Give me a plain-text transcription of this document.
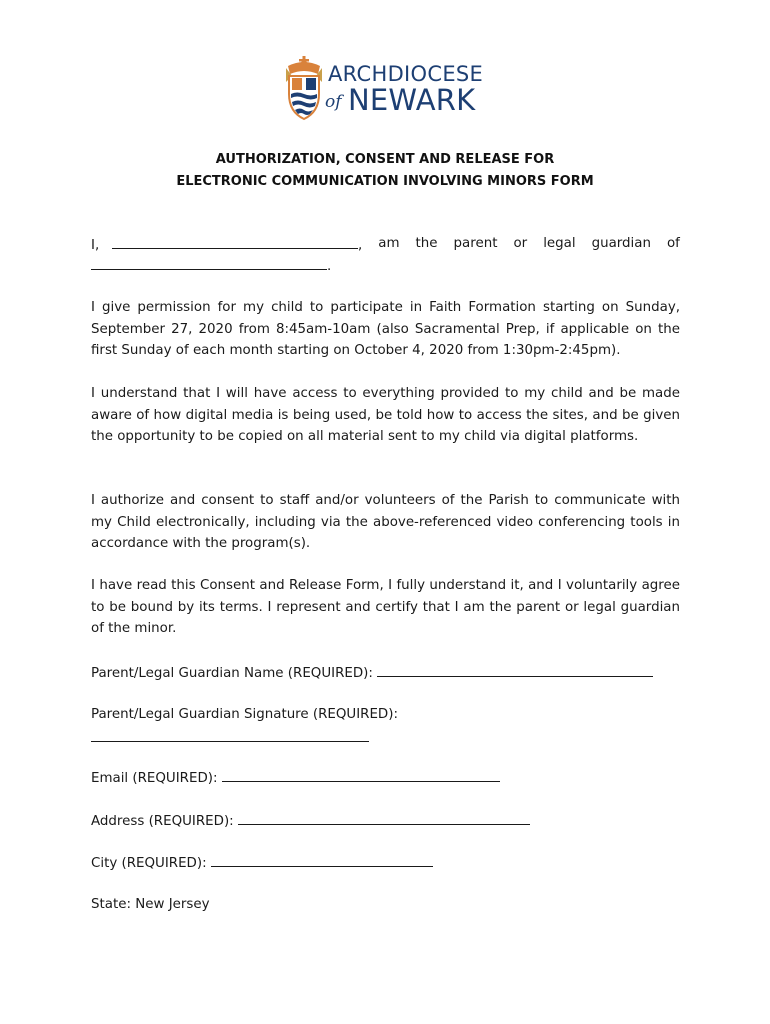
ARCHDIOCESE
of NEWARK
AUTHORIZATION, CONSENT AND RELEASE FOR
ELECTRONIC COMMUNICATION INVOLVING MINORS FORM
I,	, am the parent or legal guardian of
.

I give permission for my child to participate in Faith Formation starting on Sunday, September 27, 2020 from 8:45am-10am (also Sacramental Prep, if applicable on the first Sunday of each month starting on October 4, 2020 from 1:30pm-2:45pm).

I understand that I will have access to everything provided to my child and be made aware of how digital media is being used, be told how to access the sites, and be given the opportunity to be copied on all material sent to my child via digital platforms.

I authorize and consent to staff and/or volunteers of the Parish to communicate with my Child electronically, including via the above-referenced video conferencing tools in accordance with the program(s).

I have read this Consent and Release Form, I fully understand it, and I voluntarily agree to be bound by its terms. I represent and certify that I am the parent or legal guardian of the minor.

Parent/Legal Guardian Name (REQUIRED):
Parent/Legal Guardian Signature (REQUIRED):
Email (REQUIRED):
Address (REQUIRED):
City (REQUIRED):
State: New Jersey
